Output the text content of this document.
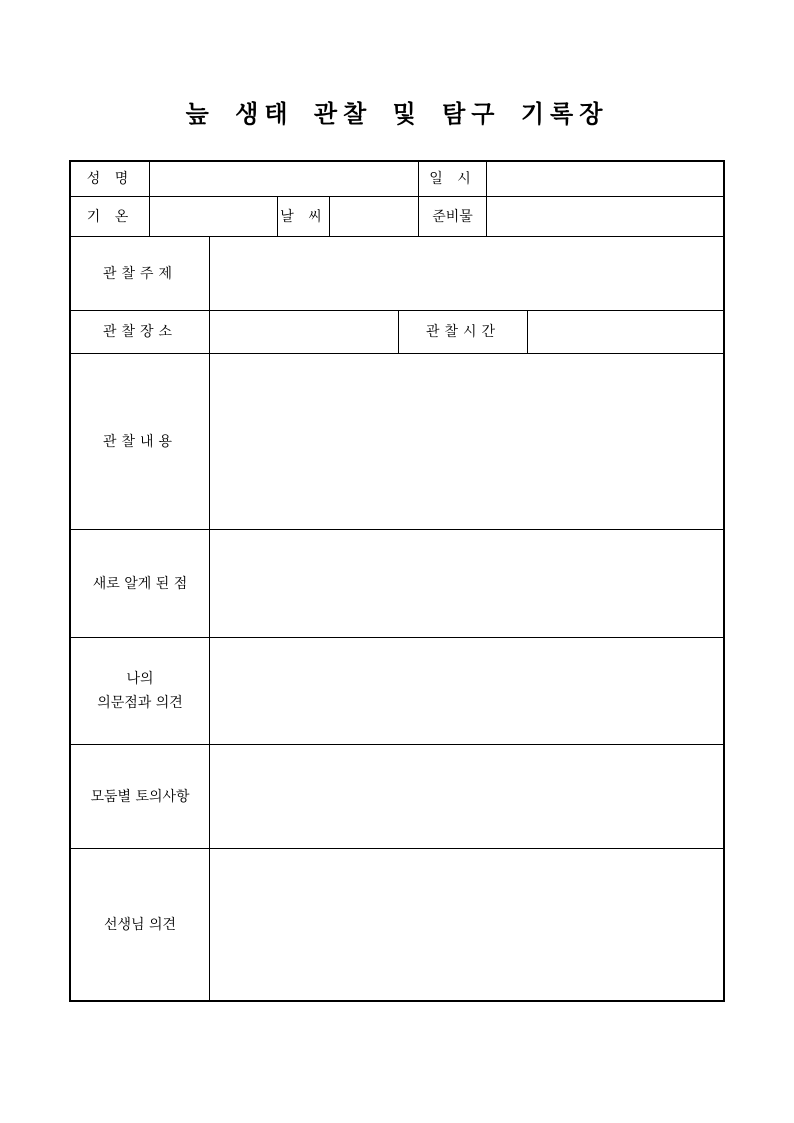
늪 생태 관찰 및 탐구 기록장
성 명	일 시
기 온	날 씨	준비물
관찰주제
관찰장소	관찰시간
관찰내용
새로 알게 된 점
나의
의문점과 의견
모둠별 토의사항
선생님 의견
